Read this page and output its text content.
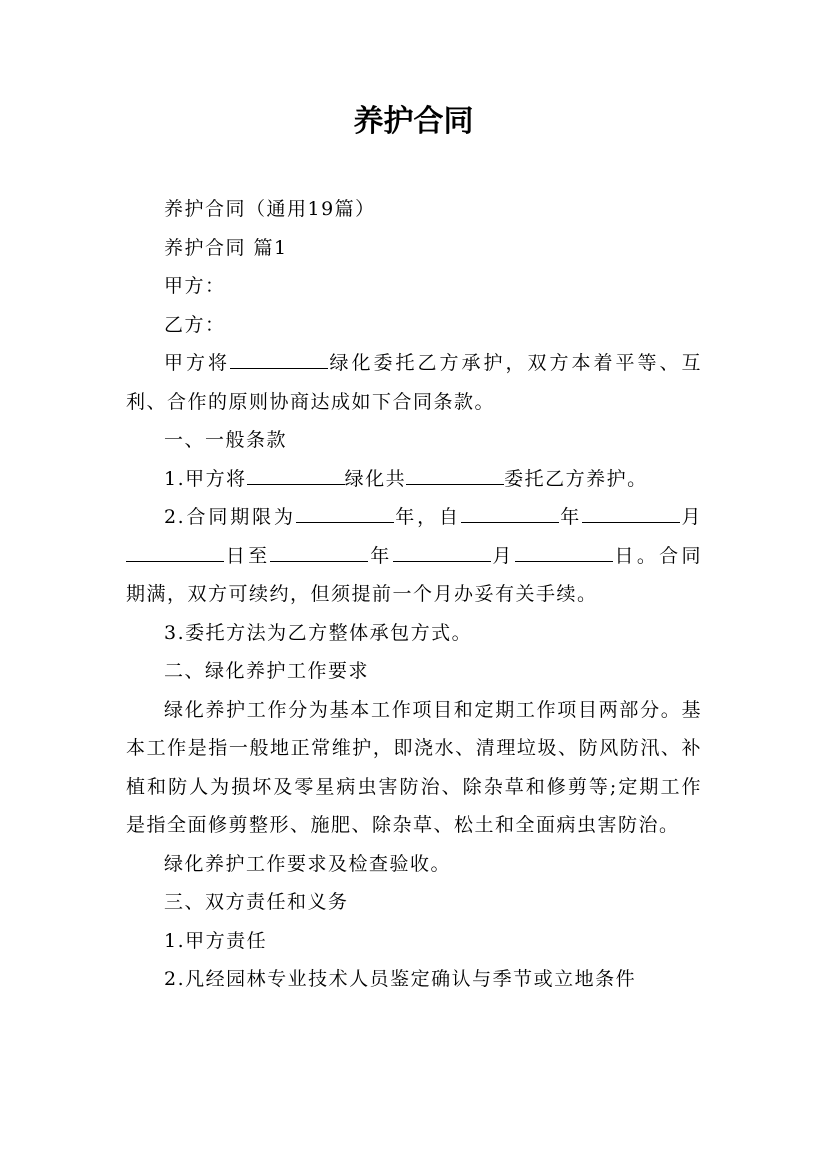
养护合同

养护合同（通用19篇）

养护合同 篇1

甲方：

乙方：

甲方将	绿化委托乙方承护，双方本着平等、互利、合作的原则协商达成如下合同条款。

一、一般条款

1.甲方将	绿化共	委托乙方养护。

2.合同期限为	年，自	年	月日至	年	月	日。合同期满，双方可续约，但须提前一个月办妥有关手续。

3.委托方法为乙方整体承包方式。

二、绿化养护工作要求

绿化养护工作分为基本工作项目和定期工作项目两部分。基本工作是指一般地正常维护，即浇水、清理垃圾、防风防汛、补植和防人为损坏及零星病虫害防治、除杂草和修剪等;定期工作是指全面修剪整形、施肥、除杂草、松土和全面病虫害防治。

绿化养护工作要求及检查验收。

三、双方责任和义务

1.甲方责任

2.凡经园林专业技术人员鉴定确认与季节或立地条件
